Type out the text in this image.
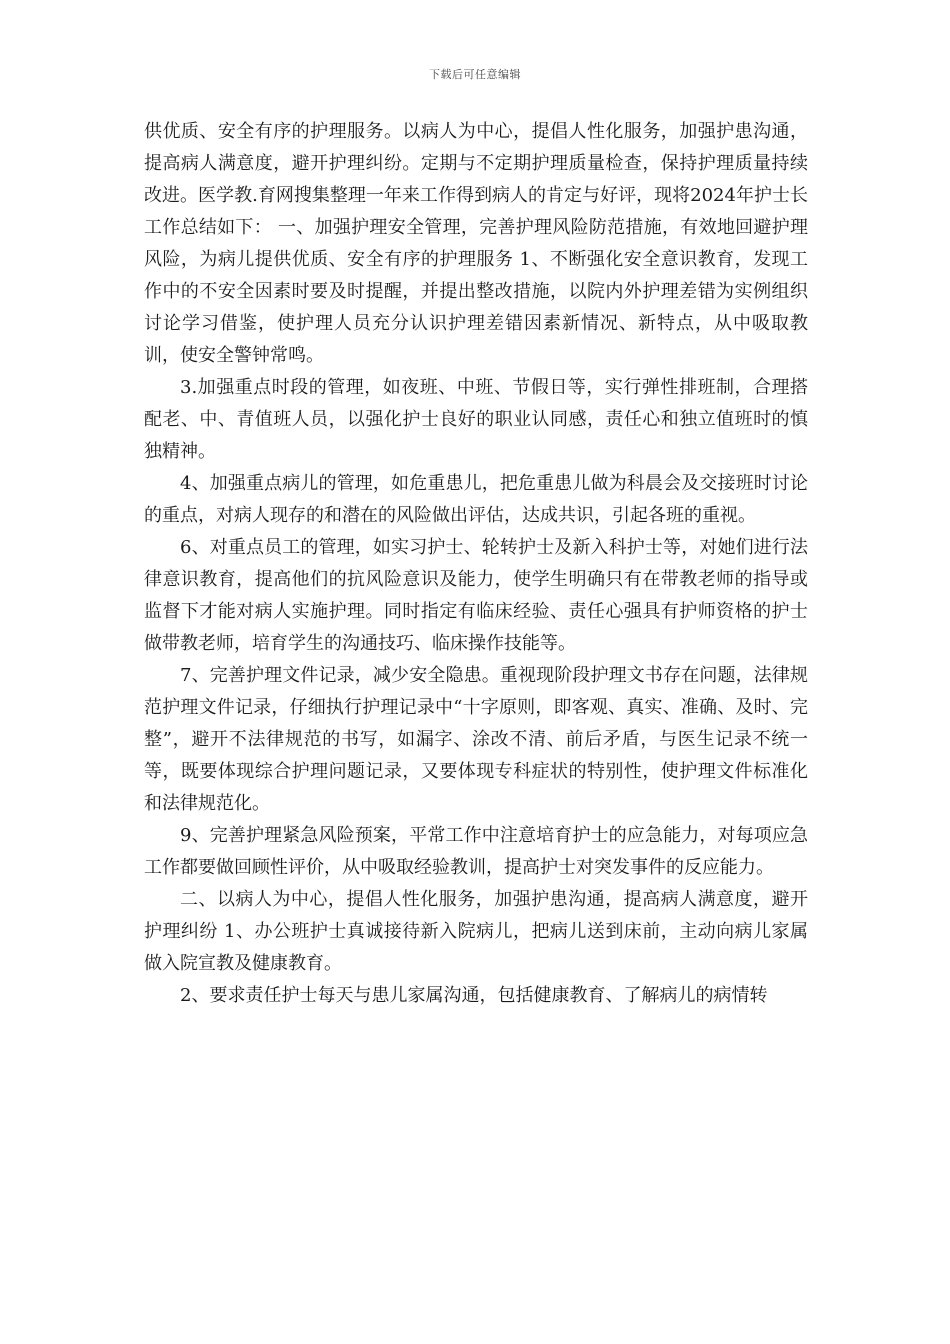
下载后可任意编辑

供优质、安全有序的护理服务。以病人为中心，提倡人性化服务，加强护患沟通，提高病人满意度，避开护理纠纷。定期与不定期护理质量检查，保持护理质量持续改进。医学教.育网搜集整理一年来工作得到病人的肯定与好评，现将2024年护士长工作总结如下： 一、加强护理安全管理，完善护理风险防范措施，有效地回避护理风险，为病儿提供优质、安全有序的护理服务 1、不断强化安全意识教育，发现工作中的不安全因素时要及时提醒，并提出整改措施，以院内外护理差错为实例组织讨论学习借鉴，使护理人员充分认识护理差错因素新情况、新特点，从中吸取教训，使安全警钟常鸣。

3.加强重点时段的管理，如夜班、中班、节假日等，实行弹性排班制，合理搭配老、中、青值班人员，以强化护士良好的职业认同感，责任心和独立值班时的慎独精神。

4、加强重点病儿的管理，如危重患儿，把危重患儿做为科晨会及交接班时讨论的重点，对病人现存的和潜在的风险做出评估，达成共识，引起各班的重视。

6、对重点员工的管理，如实习护士、轮转护士及新入科护士等，对她们进行法律意识教育，提高他们的抗风险意识及能力，使学生明确只有在带教老师的指导或监督下才能对病人实施护理。同时指定有临床经验、责任心强具有护师资格的护士做带教老师，培育学生的沟通技巧、临床操作技能等。

7、完善护理文件记录，减少安全隐患。重视现阶段护理文书存在问题，法律规范护理文件记录，仔细执行护理记录中“十字原则，即客观、真实、准确、及时、完整”，避开不法律规范的书写，如漏字、涂改不清、前后矛盾，与医生记录不统一等，既要体现综合护理问题记录，又要体现专科症状的特别性，使护理文件标准化和法律规范化。

9、完善护理紧急风险预案，平常工作中注意培育护士的应急能力，对每项应急工作都要做回顾性评价，从中吸取经验教训，提高护士对突发事件的反应能力。

二、以病人为中心，提倡人性化服务，加强护患沟通，提高病人满意度，避开护理纠纷 1、办公班护士真诚接待新入院病儿，把病儿送到床前，主动向病儿家属做入院宣教及健康教育。

2、要求责任护士每天与患儿家属沟通，包括健康教育、了解病儿的病情转
